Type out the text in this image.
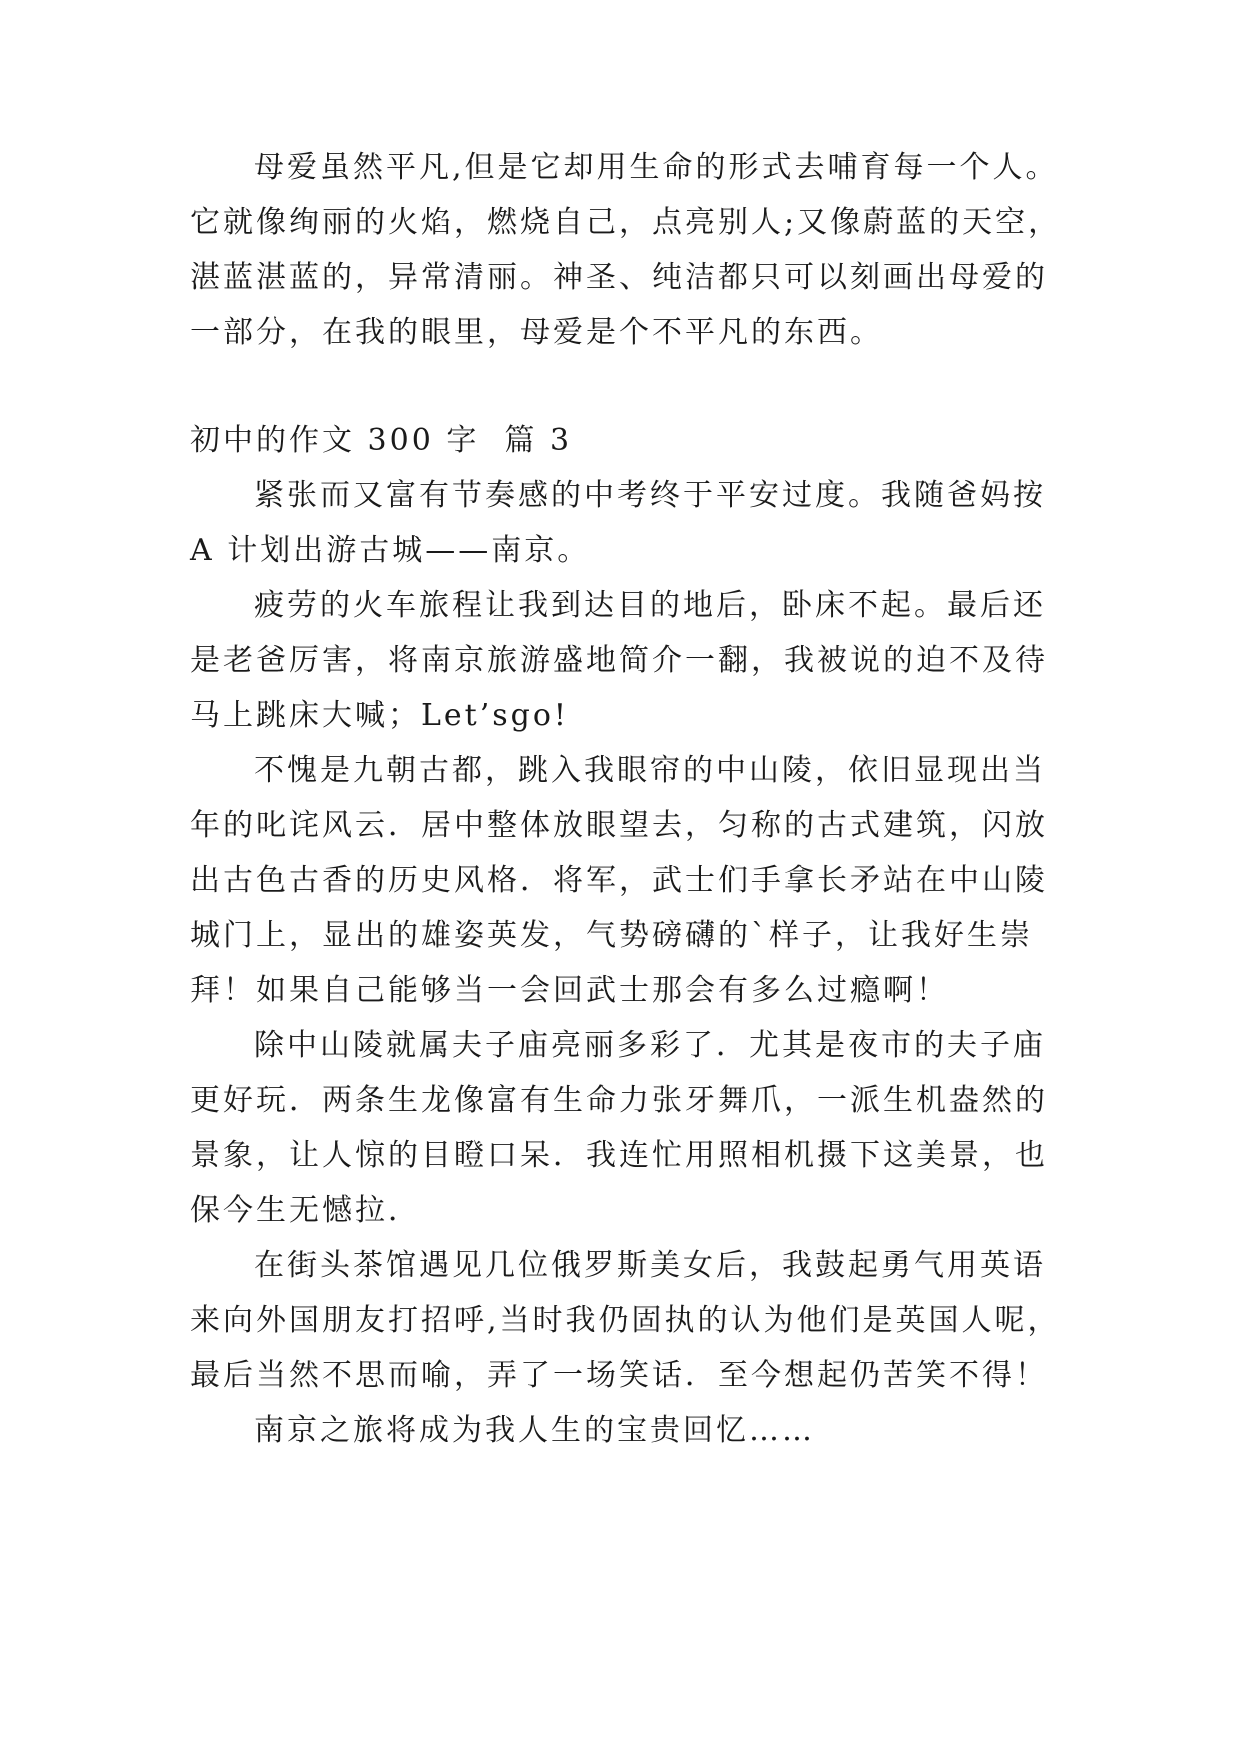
母爱虽然平凡,但是它却用生命的形式去哺育每一个人。
它就像绚丽的火焰，燃烧自己，点亮别人;又像蔚蓝的天空，
湛蓝湛蓝的，异常清丽。神圣、纯洁都只可以刻画出母爱的
一部分，在我的眼里，母爱是个不平凡的东西。
初中的作文 300 字  篇 3
紧张而又富有节奏感的中考终于平安过度。我随爸妈按
A 计划出游古城——南京。
疲劳的火车旅程让我到达目的地后，卧床不起。最后还
是老爸厉害，将南京旅游盛地简介一翻，我被说的迫不及待
马上跳床大喊；Let’sgo!
不愧是九朝古都，跳入我眼帘的中山陵，依旧显现出当
年的叱诧风云．居中整体放眼望去，匀称的古式建筑，闪放
出古色古香的历史风格．将军，武士们手拿长矛站在中山陵
城门上，显出的雄姿英发，气势磅礴的`样子，让我好生崇
拜！如果自己能够当一会回武士那会有多么过瘾啊！
除中山陵就属夫子庙亮丽多彩了．尤其是夜市的夫子庙
更好玩．两条生龙像富有生命力张牙舞爪，一派生机盎然的
景象，让人惊的目瞪口呆．我连忙用照相机摄下这美景，也
保今生无憾拉．
在街头茶馆遇见几位俄罗斯美女后，我鼓起勇气用英语
来向外国朋友打招呼,当时我仍固执的认为他们是英国人呢，
最后当然不思而喻，弄了一场笑话．至今想起仍苦笑不得！
南京之旅将成为我人生的宝贵回忆……
